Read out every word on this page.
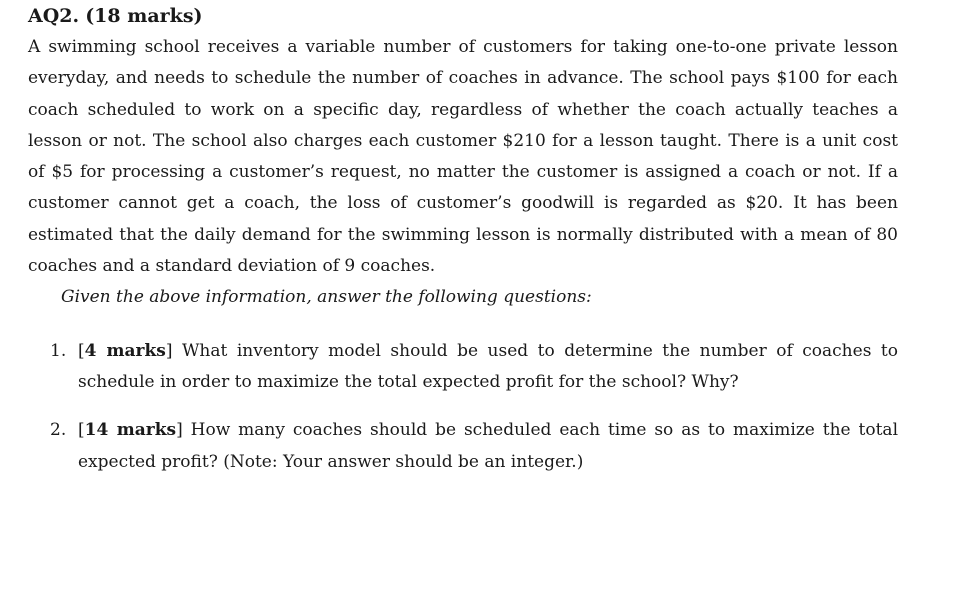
AQ2. (18 marks)

A swimming school receives a variable number of customers for taking one-to-one private lesson everyday, and needs to schedule the number of coaches in advance. The school pays $100 for each coach scheduled to work on a specific day, regardless of whether the coach actually teaches a lesson or not. The school also charges each customer $210 for a lesson taught. There is a unit cost of $5 for processing a customer’s request, no matter the customer is assigned a coach or not. If a customer cannot get a coach, the loss of customer’s goodwill is regarded as $20. It has been estimated that the daily demand for the swimming lesson is normally distributed with a mean of 80 coaches and a standard deviation of 9 coaches.

Given the above information, answer the following questions:

1. [4 marks] What inventory model should be used to determine the number of coaches to schedule in order to maximize the total expected profit for the school? Why?
2. [14 marks] How many coaches should be scheduled each time so as to maximize the total expected profit? (Note: Your answer should be an integer.)
